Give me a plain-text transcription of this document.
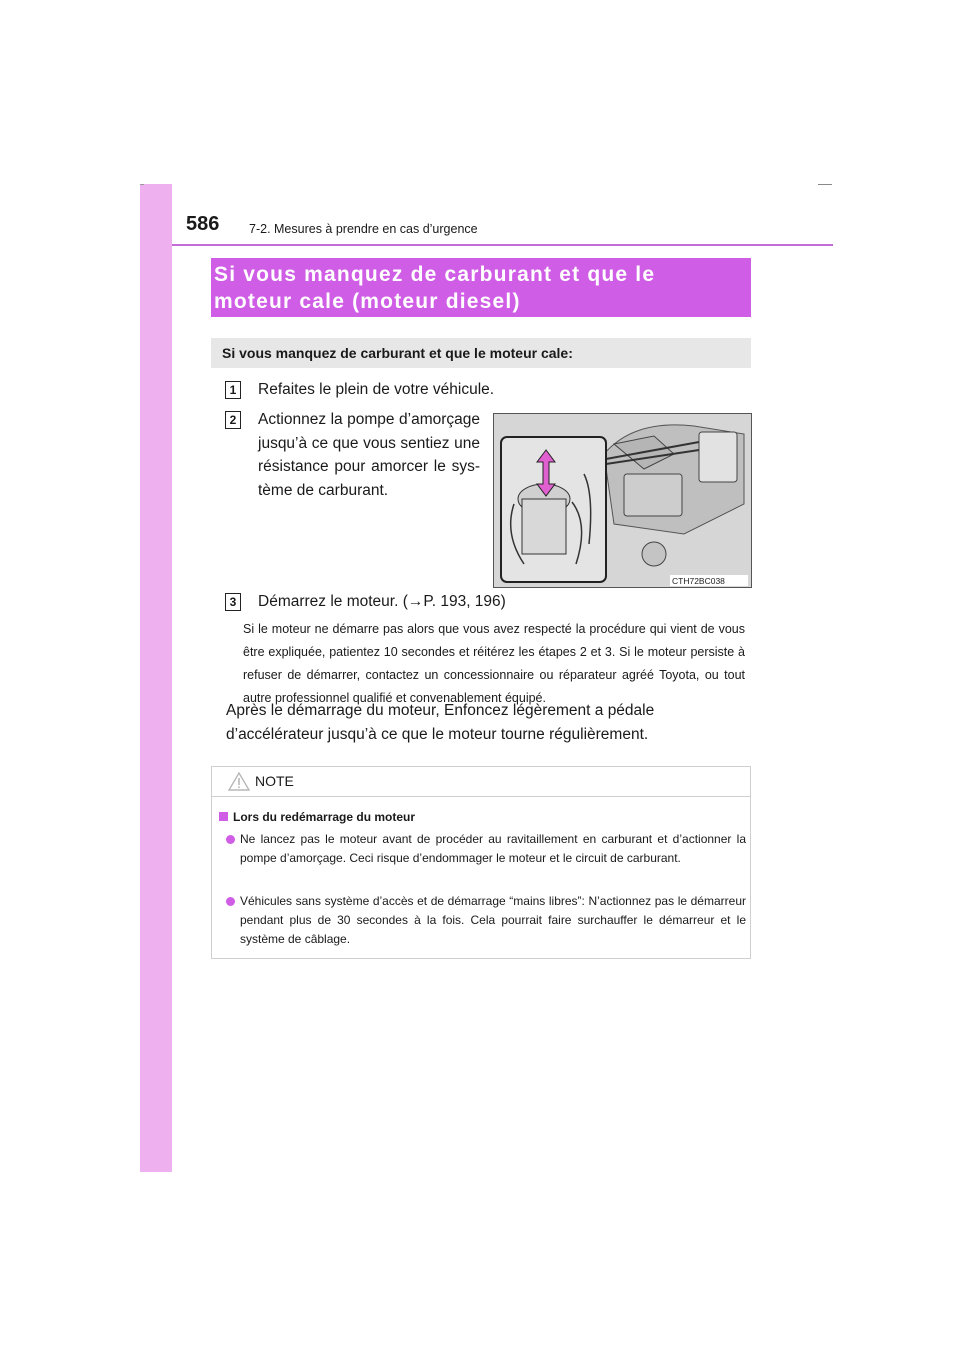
586 7-2. Mesures à prendre en cas d’urgence
Si vous manquez de carburant et que le
moteur cale (moteur diesel)
Si vous manquez de carburant et que le moteur cale:
1	Refaites le plein de votre véhicule.
2	Actionnez la pompe d’amorçage jusqu’à ce que vous sentiez une résistance pour amorcer le sys-tème de carburant.
CTH72BC038
3	Démarrez le moteur. (→P. 193, 196)
Si le moteur ne démarre pas alors que vous avez respecté la procédure qui vient de vous être expliquée, patientez 10 secondes et réitérez les étapes 2 et 3. Si le moteur persiste à refuser de démarrer, contactez un concessionnaire ou réparateur agréé Toyota, ou tout autre professionnel qualifié et convenablement équipé.
Après le démarrage du moteur, Enfoncez légèrement a pédale d’accélérateur jusqu’à ce que le moteur tourne régulièrement.
NOTE
Lors du redémarrage du moteur
Ne lancez pas le moteur avant de procéder au ravitaillement en carburant et d’actionner la pompe d’amorçage. Ceci risque d’endommager le moteur et le circuit de carburant.
Véhicules sans système d’accès et de démarrage “mains libres”: N’actionnez pas le démarreur pendant plus de 30 secondes à la fois. Cela pourrait faire surchauffer le démarreur et le système de câblage.
